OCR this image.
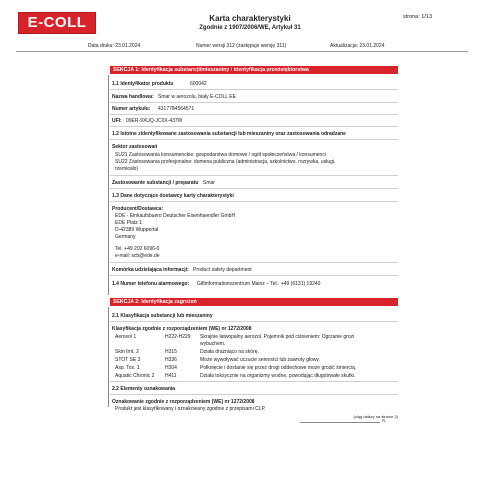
E-COLL	Karta charakterystyki
Zgodnie z 1907/2006/WE, Artykuł 31
strona: 1/13
Data druku: 23.01.2024	Numer wersji 312 (zastępuje wersję 311)	Aktualizacja: 23.01.2024
SEKCJA 1: Identyfikacja substancji/mieszaniny i identyfikacja przedsiębiorstwa
1.1 Identyfikator produktu	600042
Nazwa handlowa: Smar w aerozolu, biały E-COLL EE
Numer artykułu: 4317784564571
UFI: 09ER-9XUQ-JC0X-437W
1.2 Istotne zidentyfikowane zastosowania substancji lub mieszaniny oraz zastosowania odradzane
Sektor zastosowań
SU21 Zastosowania konsumenckie: gospodarstwa domowe / ogół społeczeństwa / konsumenci
SU22 Zastosowania profesjonalne: domena publiczna (administracja, szkolnictwo, rozrywka, usługi,
rzemiosło)
Zastosowanie substancji / preparatu Smar
1.3 Dane dotyczące dostawcy karty charakterystyki
Producent/Dostawca:
EDE - Einkaufsbuero Deutscher Eisenhaendler GmbH
EDE Platz 1
D-42389 Wuppertal
Germany
Tel. +49 202 6096-0
e-mail: scb@ede.de
Komórka udzielająca informacji: Product safety department
1.4 Numer telefonu alarmowego: Giftinformationszentrum Mainz – Tel.: +49 (6131) 19240
SEKCJA 2: Identyfikacja zagrożeń
2.1 Klasyfikacja substancji lub mieszaniny
Klasyfikacja zgodnie z rozporządzeniem (WE) nr 1272/2008
Aerosol 1	H222-H229 Skrajnie łatwopalny aerozol. Pojemnik pod ciśnieniem: Ogrzanie grozi
wybuchem.
Skin Irrit. 2	H315	Działa drażniąco na skórę.
STOT SE 3	H336	Może wywoływać uczucie senności lub zawroty głowy.
Asp. Tox. 1	H304	Połknięcie i dostanie się przez drogi oddechowe może grozić śmiercią.
Aquatic Chronic 2 H411	Działa toksycznie na organizmy wodne, powodując długotrwałe skutki.
2.2 Elementy oznakowania
Oznakowanie zgodnie z rozporządzeniem (WE) nr 1272/2008
Produkt jest klasyfikowany i oznakowany zgodnie z przepisami CLP.
(ciąg dalszy na stronie 2)
PL
